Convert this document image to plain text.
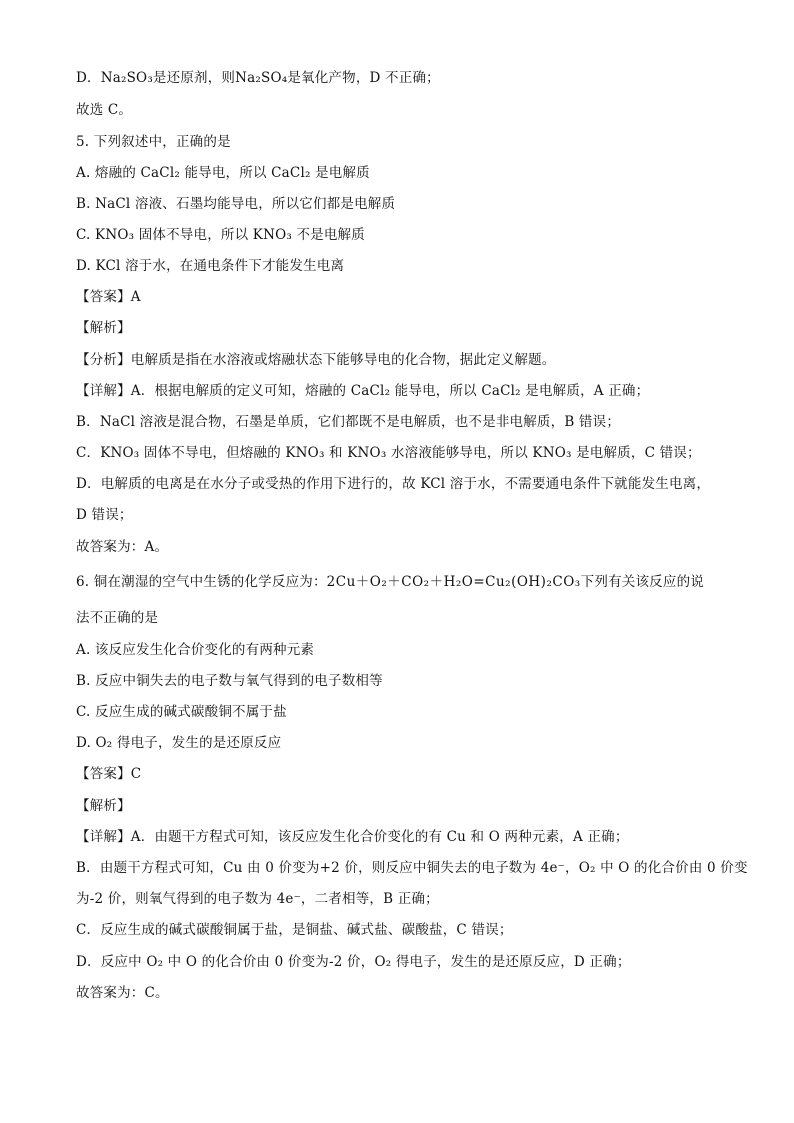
D．Na₂SO₃是还原剂，则Na₂SO₄是氧化产物，D 不正确；
故选 C。
5. 下列叙述中，正确的是
A. 熔融的 CaCl₂ 能导电，所以 CaCl₂ 是电解质
B. NaCl 溶液、石墨均能导电，所以它们都是电解质
C. KNO₃ 固体不导电，所以 KNO₃ 不是电解质
D. KCl 溶于水，在通电条件下才能发生电离
【答案】A
【解析】
【分析】电解质是指在水溶液或熔融状态下能够导电的化合物，据此定义解题。
【详解】A．根据电解质的定义可知，熔融的 CaCl₂ 能导电，所以 CaCl₂ 是电解质，A 正确；
B．NaCl 溶液是混合物，石墨是单质，它们都既不是电解质，也不是非电解质，B 错误；
C．KNO₃ 固体不导电，但熔融的 KNO₃ 和 KNO₃ 水溶液能够导电，所以 KNO₃ 是电解质，C 错误；
D．电解质的电离是在水分子或受热的作用下进行的，故 KCl 溶于水，不需要通电条件下就能发生电离，
D 错误；
故答案为：A。
6. 铜在潮湿的空气中生锈的化学反应为：2Cu＋O₂＋CO₂＋H₂O=Cu₂(OH)₂CO₃下列有关该反应的说
法不正确的是
A. 该反应发生化合价变化的有两种元素
B. 反应中铜失去的电子数与氧气得到的电子数相等
C. 反应生成的碱式碳酸铜不属于盐
D. O₂ 得电子，发生的是还原反应
【答案】C
【解析】
【详解】A．由题干方程式可知，该反应发生化合价变化的有 Cu 和 O 两种元素，A 正确；
B．由题干方程式可知，Cu 由 0 价变为+2 价，则反应中铜失去的电子数为 4e⁻，O₂ 中 O 的化合价由 0 价变
为-2 价，则氧气得到的电子数为 4e⁻，二者相等，B 正确；
C．反应生成的碱式碳酸铜属于盐，是铜盐、碱式盐、碳酸盐，C 错误；
D．反应中 O₂ 中 O 的化合价由 0 价变为-2 价，O₂ 得电子，发生的是还原反应，D 正确；
故答案为：C。
